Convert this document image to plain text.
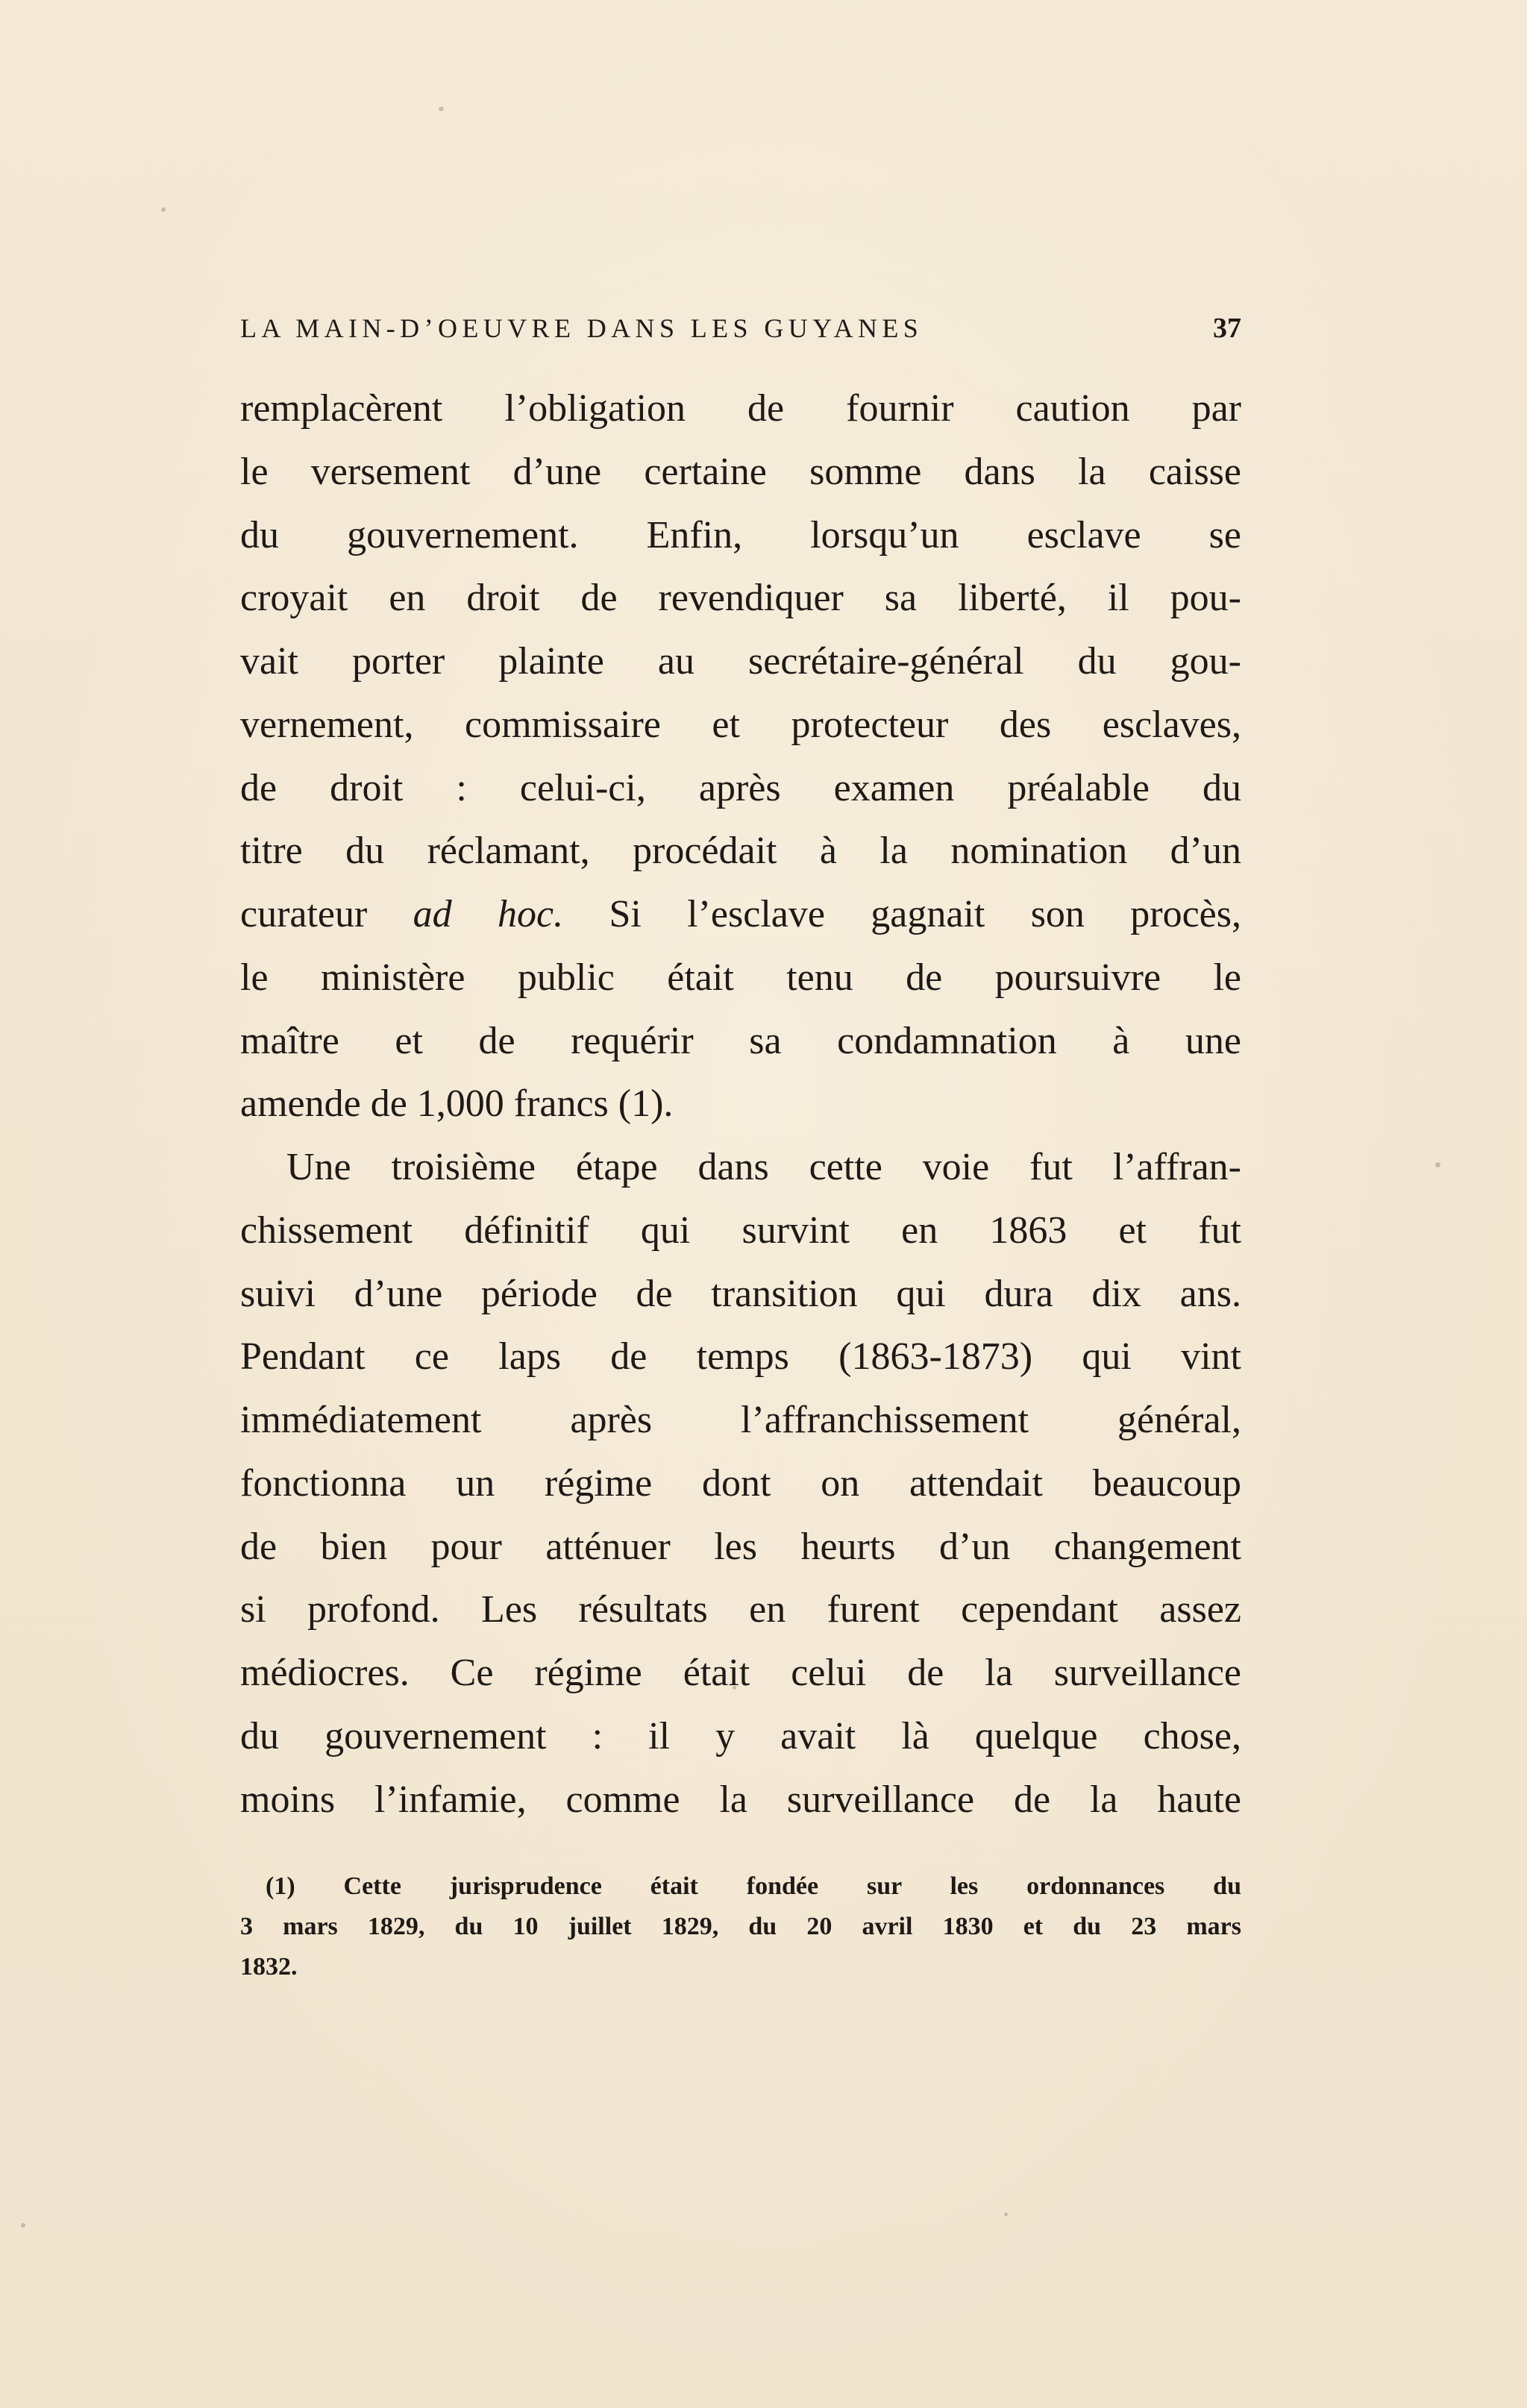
LA MAIN-D’OEUVRE DANS LES GUYANES	37
remplacèrent l’obligation de fournir caution par
le versement d’une certaine somme dans la caisse
du gouvernement. Enfin, lorsqu’un esclave se
croyait en droit de revendiquer sa liberté, il pou-
vait porter plainte au secrétaire-général du gou-
vernement, commissaire et protecteur des esclaves,
de droit : celui-ci, après examen préalable du
titre du réclamant, procédait à la nomination d’un
curateur ad hoc. Si l’esclave gagnait son procès,
le ministère public était tenu de poursuivre le
maître et de requérir sa condamnation à une
amende de 1,000 francs (1).
Une troisième étape dans cette voie fut l’affran-
chissement définitif qui survint en 1863 et fut
suivi d’une période de transition qui dura dix ans.
Pendant ce laps de temps (1863-1873) qui vint
immédiatement après l’affranchissement général,
fonctionna un régime dont on attendait beaucoup
de bien pour atténuer les heurts d’un changement
si profond. Les résultats en furent cependant assez
médiocres. Ce régime était celui de la surveillance
du gouvernement : il y avait là quelque chose,
moins l’infamie, comme la surveillance de la haute
(1) Cette jurisprudence était fondée sur les ordonnances du
3 mars 1829, du 10 juillet 1829, du 20 avril 1830 et du 23 mars
1832.
